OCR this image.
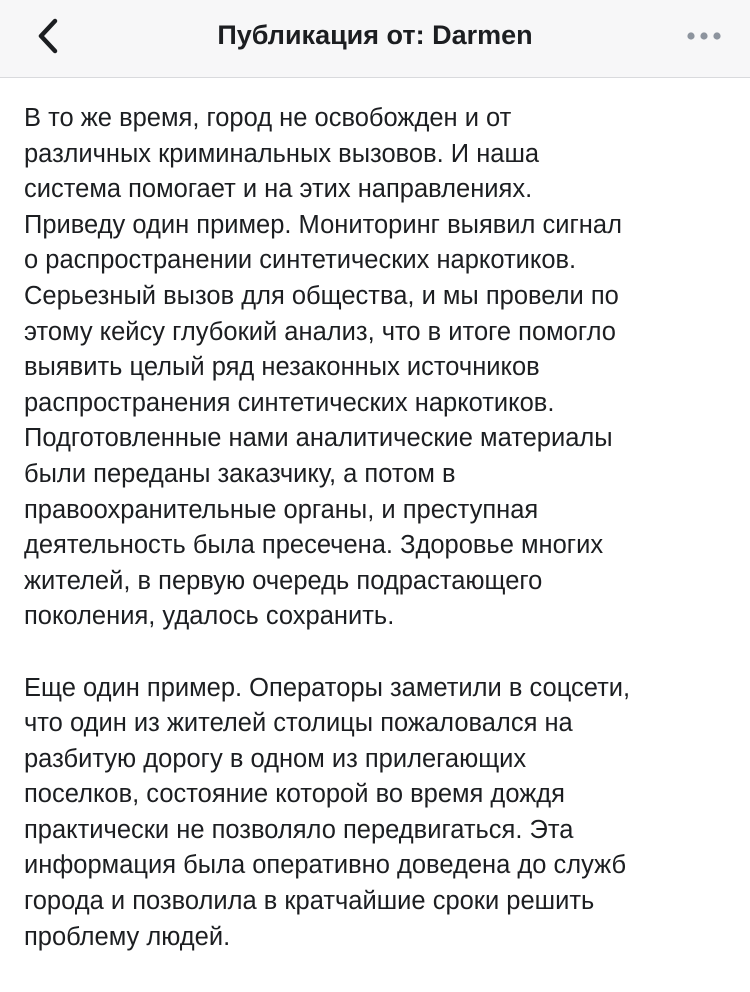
Публикация от: Darmen

В то же время, город не освобожден и от
различных криминальных вызовов. И наша
система помогает и на этих направлениях.
Приведу один пример. Мониторинг выявил сигнал
о распространении синтетических наркотиков.
Серьезный вызов для общества, и мы провели по
этому кейсу глубокий анализ, что в итоге помогло
выявить целый ряд незаконных источников
распространения синтетических наркотиков.
Подготовленные нами аналитические материалы
были переданы заказчику, а потом в
правоохранительные органы, и преступная
деятельность была пресечена. Здоровье многих
жителей, в первую очередь подрастающего
поколения, удалось сохранить.

Еще один пример. Операторы заметили в соцсети,
что один из жителей столицы пожаловался на
разбитую дорогу в одном из прилегающих
поселков, состояние которой во время дождя
практически не позволяло передвигаться. Эта
информация была оперативно доведена до служб
города и позволила в кратчайшие сроки решить
проблему людей.
